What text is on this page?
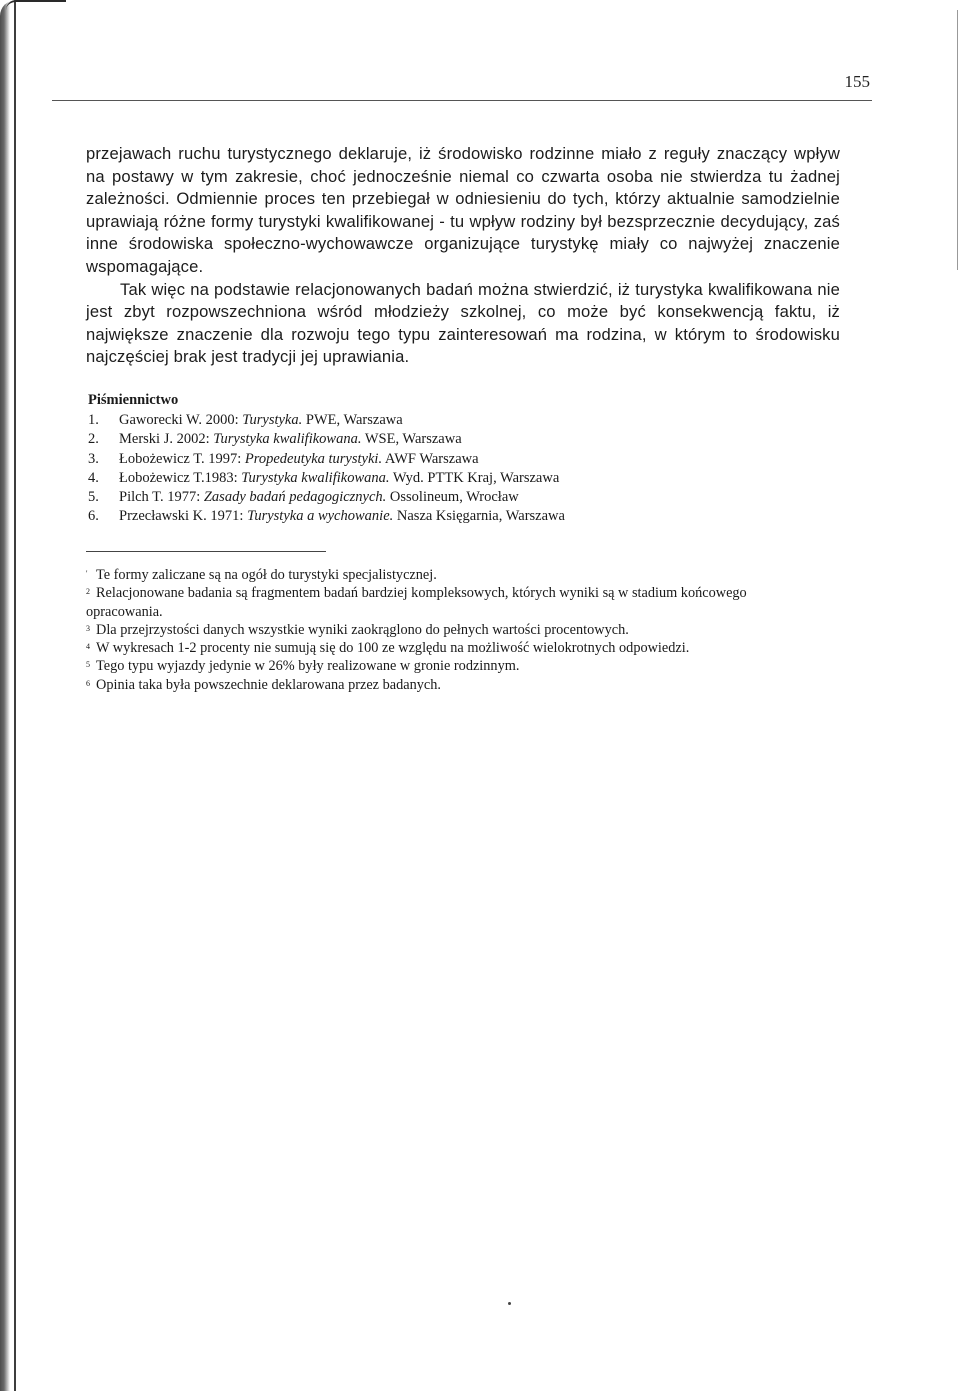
155

przejawach ruchu turystycznego deklaruje, iż środowisko rodzinne miało z reguły znaczący wpływ na postawy w tym zakresie, choć jednocześnie niemal co czwarta osoba nie stwierdza tu żadnej zależności. Odmiennie proces ten przebiegał w odniesieniu do tych, którzy aktualnie samodzielnie uprawiają różne formy turystyki kwalifikowanej - tu wpływ rodziny był bezsprzecznie decydujący, zaś inne środowiska społeczno-wychowawcze organizujące turystykę miały co najwyżej znaczenie wspomagające.

Tak więc na podstawie relacjonowanych badań można stwierdzić, iż turystyka kwalifikowana nie jest zbyt rozpowszechniona wśród młodzieży szkolnej, co może być konsekwencją faktu, iż największe znaczenie dla rozwoju tego typu zainteresowań ma rodzina, w którym to środowisku najczęściej brak jest tradycji jej uprawiania.

Piśmiennictwo
1. Gaworecki W. 2000: Turystyka. PWE, Warszawa
2. Merski J. 2002: Turystyka kwalifikowana. WSE, Warszawa
3. Łobożewicz T. 1997: Propedeutyka turystyki. AWF Warszawa
4. Łobożewicz T.1983: Turystyka kwalifikowana. Wyd. PTTK Kraj, Warszawa
5. Pilch T. 1977: Zasady badań pedagogicznych. Ossolineum, Wrocław
6. Przecławski K. 1971: Turystyka a wychowanie. Nasza Księgarnia, Warszawa
' Te formy zaliczane są na ogół do turystyki specjalistycznej.
$^2$ Relacjonowane badania są fragmentem badań bardziej kompleksowych, których wyniki są w stadium końcowego opracowania.
$^3$ Dla przejrzystości danych wszystkie wyniki zaokrąglono do pełnych wartości procentowych.
$^4$ W wykresach 1-2 procenty nie sumują się do 100 ze względu na możliwość wielokrotnych odpowiedzi.
$^5$ Tego typu wyjazdy jedynie w 26% były realizowane w gronie rodzinnym.
$^6$ Opinia taka była powszechnie deklarowana przez badanych.
